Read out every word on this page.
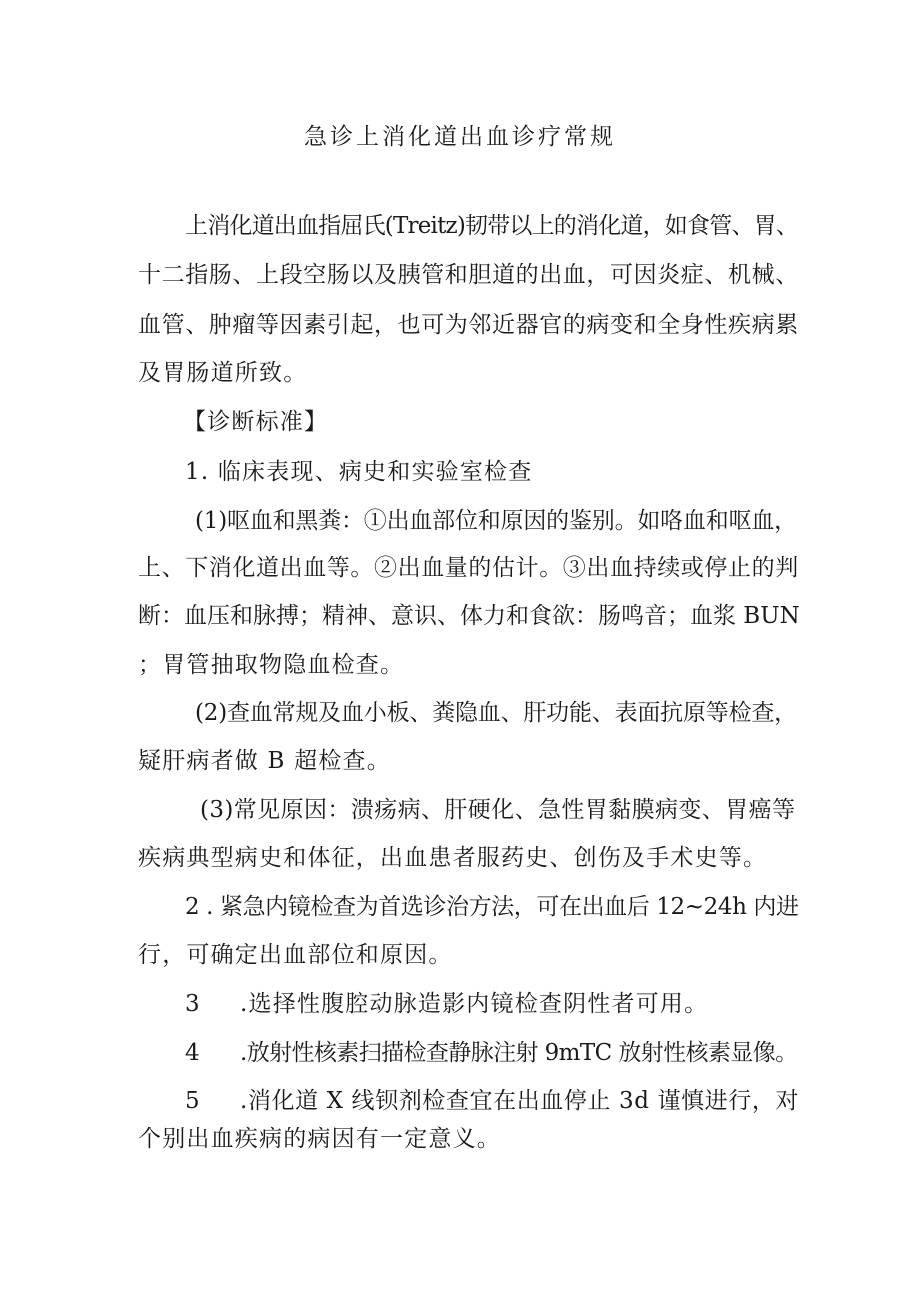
急诊上消化道出血诊疗常规
上消化道出血指屈氏(Treitz)韧带以上的消化道，如食管、胃、
十二指肠、上段空肠以及胰管和胆道的出血，可因炎症、机械、
血管、肿瘤等因素引起，也可为邻近器官的病变和全身性疾病累
及胃肠道所致。
【诊断标准】
1. 临床表现、病史和实验室检查
(1)呕血和黑粪：①出血部位和原因的鉴别。如咯血和呕血，
上、下消化道出血等。②出血量的估计。③出血持续或停止的判
断：血压和脉搏；精神、意识、体力和食欲：肠鸣音；血浆 BUN
；胃管抽取物隐血检查。
(2)查血常规及血小板、粪隐血、肝功能、表面抗原等检查，
疑肝病者做 B 超检查。
(3)常见原因：溃疡病、肝硬化、急性胃黏膜病变、胃癌等
疾病典型病史和体征，出血患者服药史、创伤及手术史等。
2 . 紧急内镜检查为首选诊治方法，可在出血后 12~24h 内进
行，可确定出血部位和原因。
3 .选择性腹腔动脉造影内镜检查阴性者可用。
4 .放射性核素扫描检查静脉注射 9mTC 放射性核素显像。
5 .消化道 X 线钡剂检查宜在出血停止 3d 谨慎进行，对
个别出血疾病的病因有一定意义。
